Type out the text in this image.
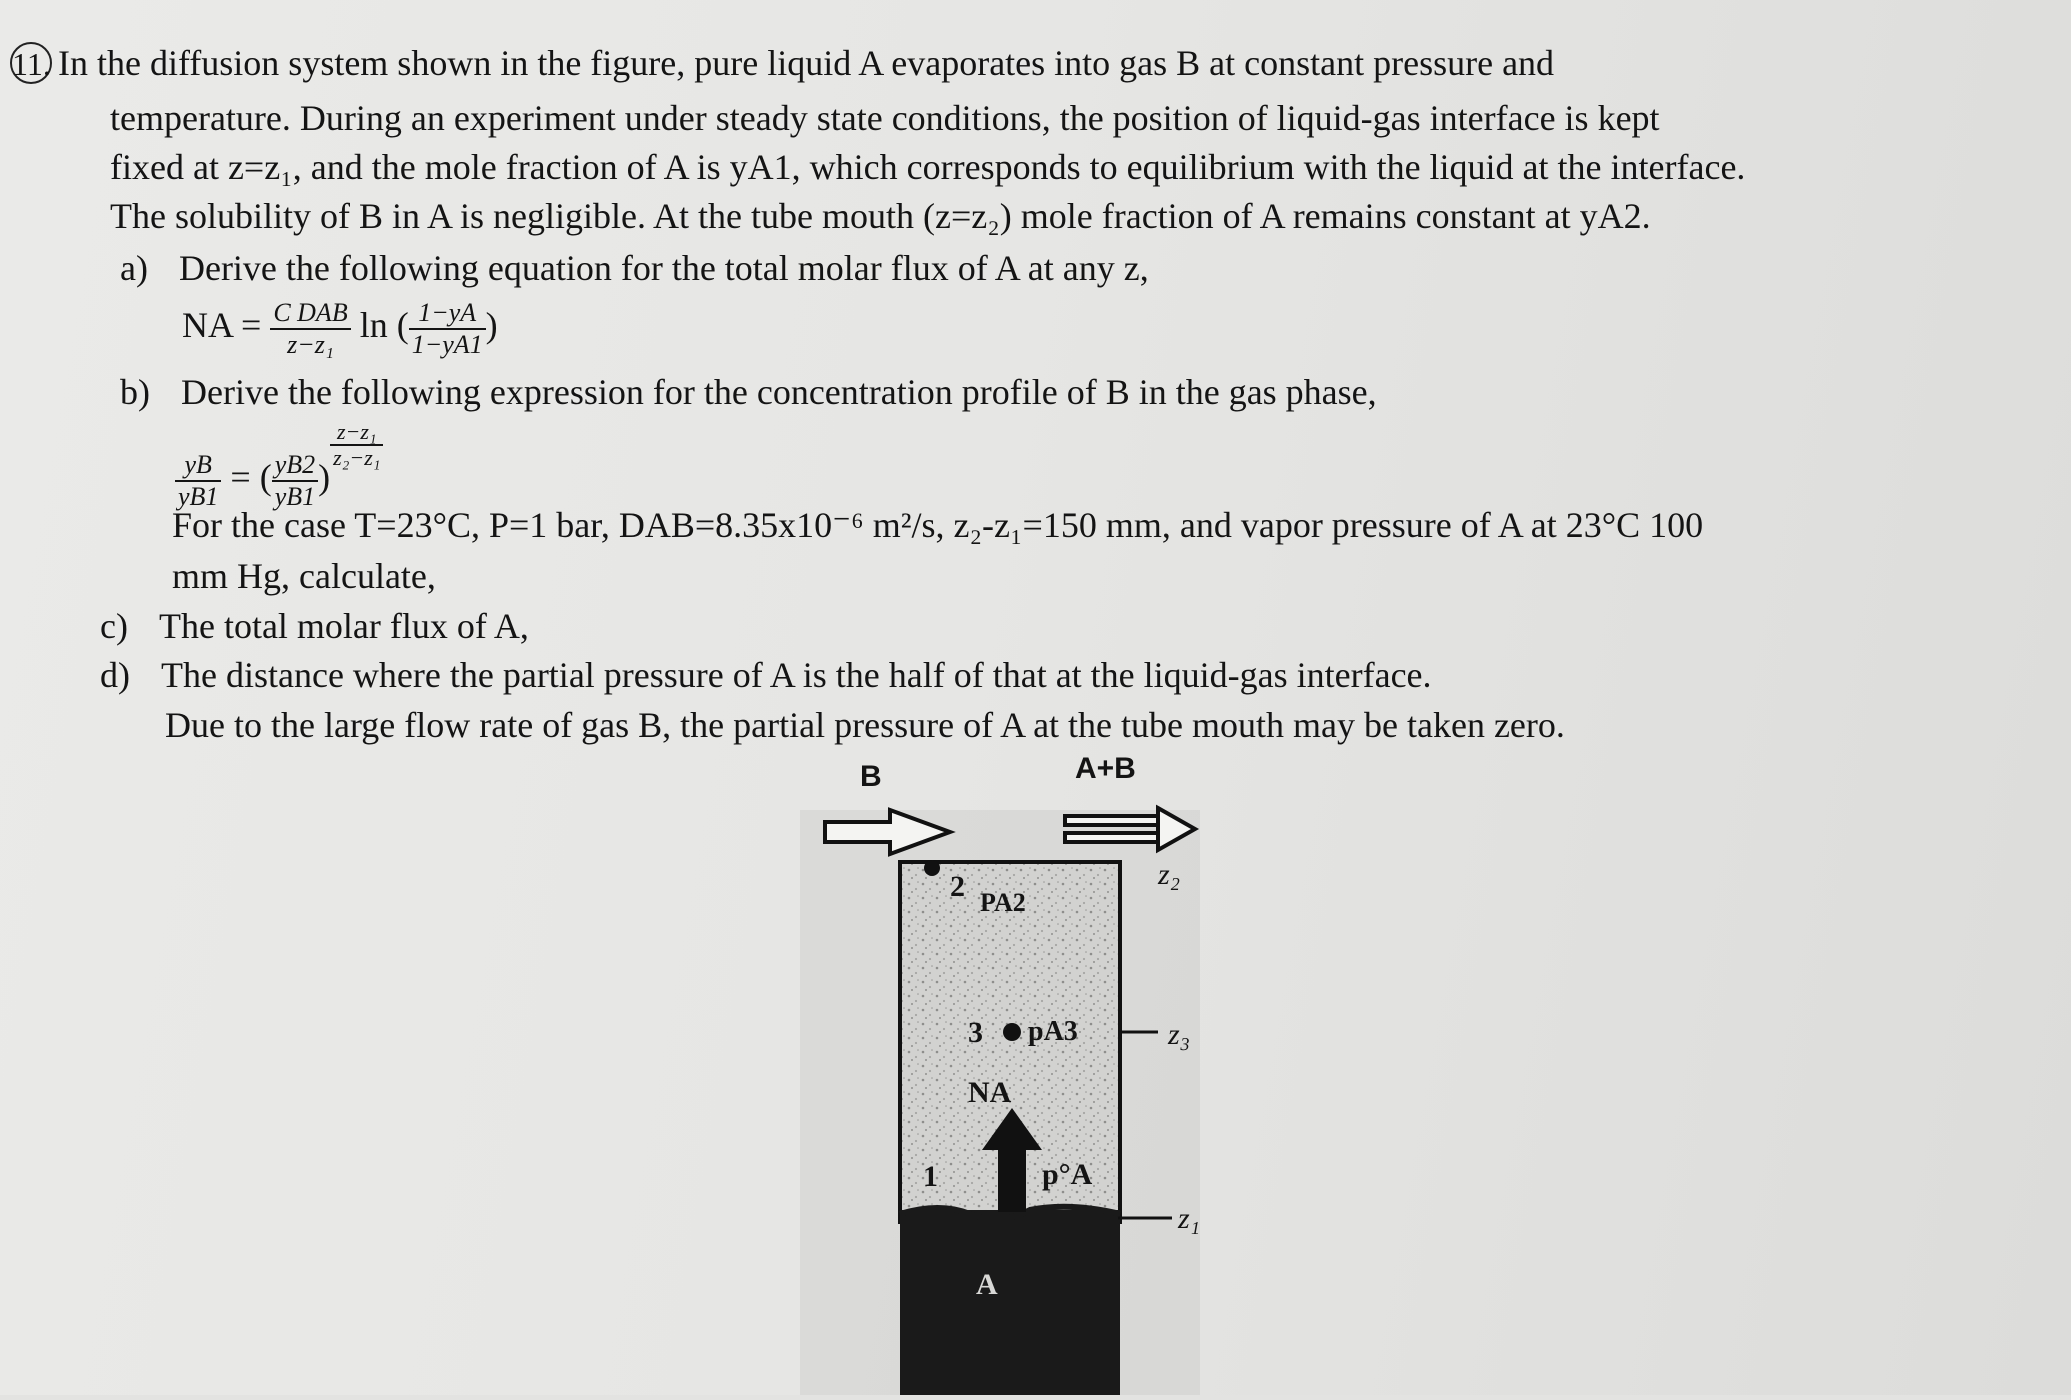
11. In the diffusion system shown in the figure, pure liquid A evaporates into gas B at constant pressure and
temperature. During an experiment under steady state conditions, the position of liquid-gas interface is kept
fixed at z=z₁, and the mole fraction of A is yA1, which corresponds to equilibrium with the liquid at the interface.
The solubility of B in A is negligible. At the tube mouth (z=z₂) mole fraction of A remains constant at yA2.
a) Derive the following equation for the total molar flux of A at any z,
NA = $\frac{\text{C DAB}}{\text{z−z₁}}$ ln ( $\frac{1-yA}{1-yA1}$ )
b) Derive the following expression for the concentration profile of B in the gas phase,
$\frac{yB}{yB1}$ = ( $\frac{yB2}{yB1}$ )
$\frac{\text{z−z₁}}{\text{z₂−z₁}}$
For the case T=23°C, P=1 bar, DAB=8.35x10⁻⁶ m²/s, z₂-z₁=150 mm, and vapor pressure of A at 23°C 100
mm Hg, calculate,
c) The total molar flux of A,
d) The distance where the partial pressure of A is the half of that at the liquid-gas interface.
Due to the large flow rate of gas B, the partial pressure of A at the tube mouth may be taken zero.
B	A+B
2 PA2
3 pA3
NA
1	p°A
z₂
z₃
z₁
A
